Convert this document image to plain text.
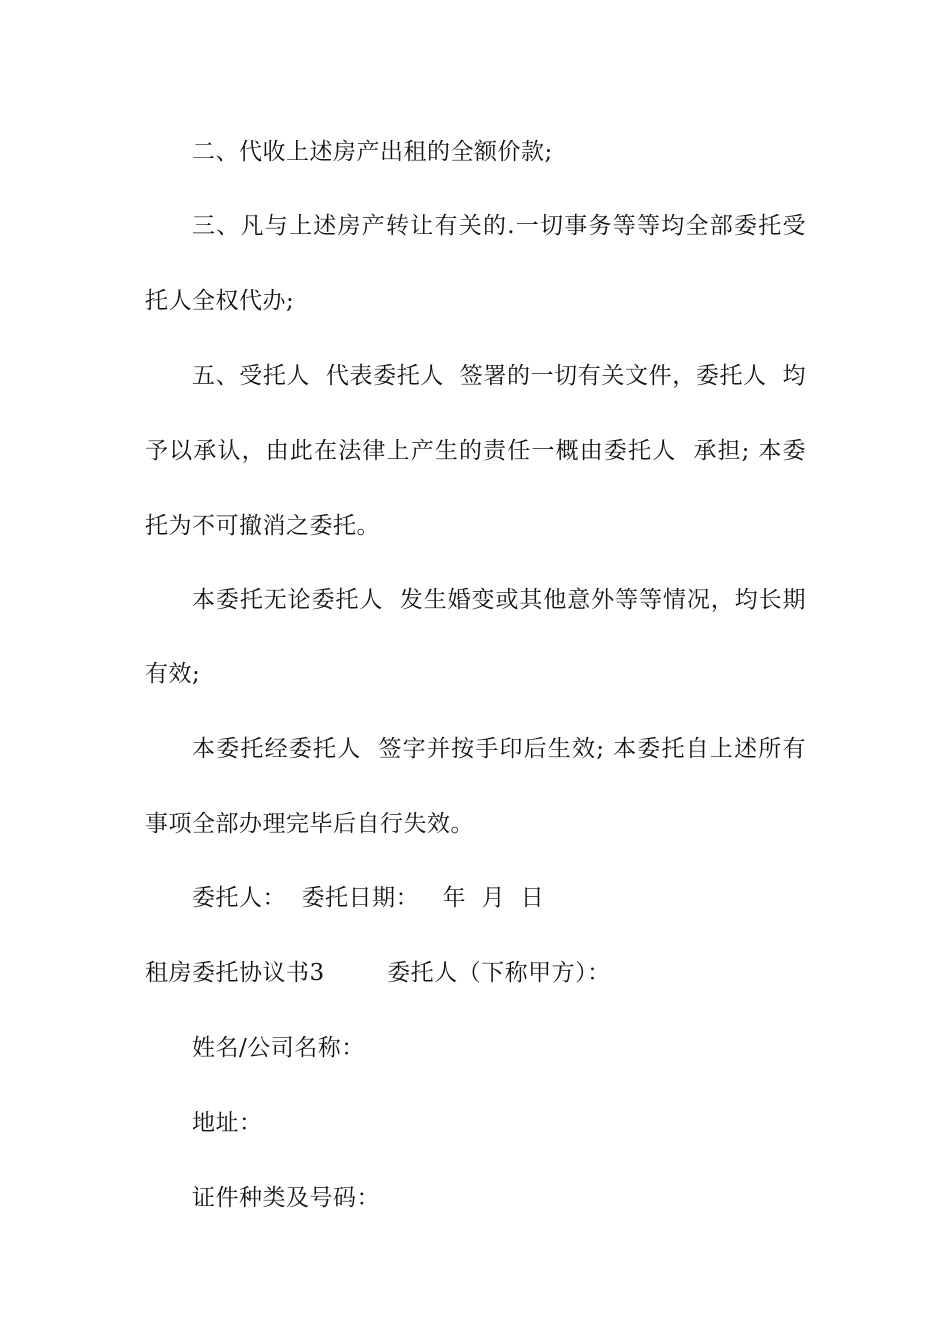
二、代收上述房产出租的全额价款;
三、凡与上述房产转让有关的.一切事务等等均全部委托受
托人全权代办;
五、受托人  代表委托人  签署的一切有关文件，委托人  均
予以承认，由此在法律上产生的责任一概由委托人  承担; 本委
托为不可撤消之委托。
本委托无论委托人  发生婚变或其他意外等等情况，均长期
有效;
本委托经委托人  签字并按手印后生效; 本委托自上述所有
事项全部办理完毕后自行失效。
委托人：  委托日期：   年  月  日
租房委托协议书3        委托人（下称甲方）：
姓名/公司名称：
地址：
证件种类及号码：
